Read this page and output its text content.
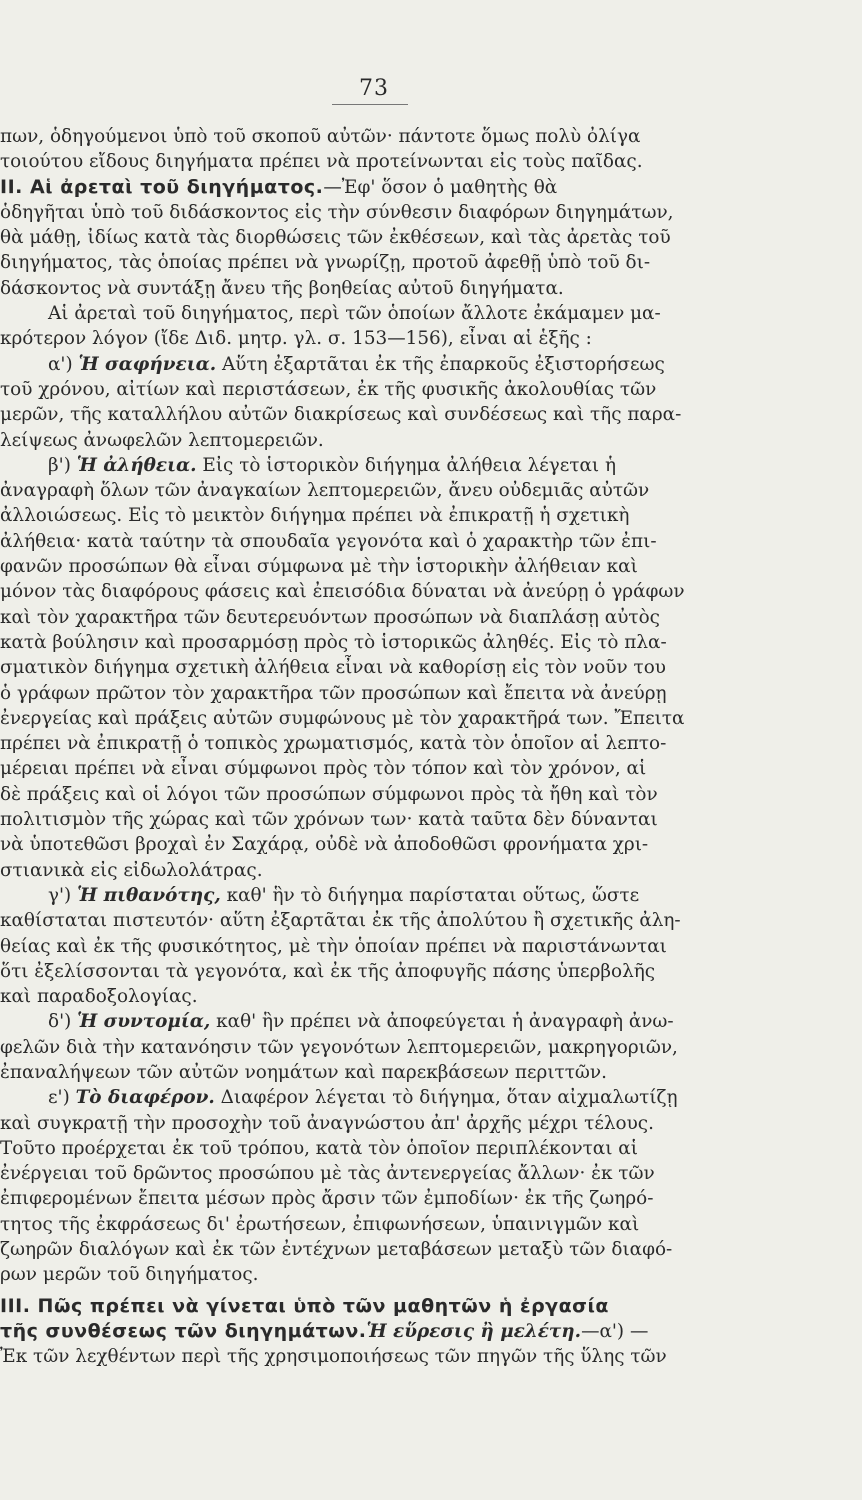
73
πων, ὁδηγούμενοι ὑπὸ τοῦ σκοποῦ αὐτῶν· πάντοτε ὅμως πολὺ ὀλίγα
τοιούτου εἴδους διηγήματα πρέπει νὰ προτείνωνται εἰς τοὺς παῖδας.
ΙΙ. Αἱ ἀρεταὶ τοῦ διηγήματος.—Ἐφ' ὅσον ὁ μαθητὴς θὰ
ὁδηγῆται ὑπὸ τοῦ διδάσκοντος εἰς τὴν σύνθεσιν διαφόρων διηγημάτων,
θὰ μάθῃ, ἰδίως κατὰ τὰς διορθώσεις τῶν ἐκθέσεων, καὶ τὰς ἀρετὰς τοῦ
διηγήματος, τὰς ὁποίας πρέπει νὰ γνωρίζῃ, προτοῦ ἀφεθῇ ὑπὸ τοῦ δι-
δάσκοντος νὰ συντάξῃ ἄνευ τῆς βοηθείας αὐτοῦ διηγήματα.
Αἱ ἀρεταὶ τοῦ διηγήματος, περὶ τῶν ὁποίων ἄλλοτε ἐκάμαμεν μα-
κρότερον λόγον (ἴδε Διδ. μητρ. γλ. σ. 153—156), εἶναι αἱ ἑξῆς :
α') Ἡ σαφήνεια. Αὕτη ἐξαρτᾶται ἐκ τῆς ἐπαρκοῦς ἐξιστορήσεως
τοῦ χρόνου, αἰτίων καὶ περιστάσεων, ἐκ τῆς φυσικῆς ἀκολουθίας τῶν
μερῶν, τῆς καταλλήλου αὐτῶν διακρίσεως καὶ συνδέσεως καὶ τῆς παρα-
λείψεως ἀνωφελῶν λεπτομερειῶν.
β') Ἡ ἀλήθεια. Εἰς τὸ ἱστορικὸν διήγημα ἀλήθεια λέγεται ἡ
ἀναγραφὴ ὅλων τῶν ἀναγκαίων λεπτομερειῶν, ἄνευ οὐδεμιᾶς αὐτῶν
ἀλλοιώσεως. Εἰς τὸ μεικτὸν διήγημα πρέπει νὰ ἐπικρατῇ ἡ σχετικὴ
ἀλήθεια· κατὰ ταύτην τὰ σπουδαῖα γεγονότα καὶ ὁ χαρακτὴρ τῶν ἐπι-
φανῶν προσώπων θὰ εἶναι σύμφωνα μὲ τὴν ἱστορικὴν ἀλήθειαν καὶ
μόνον τὰς διαφόρους φάσεις καὶ ἐπεισόδια δύναται νὰ ἀνεύρῃ ὁ γράφων
καὶ τὸν χαρακτῆρα τῶν δευτερευόντων προσώπων νὰ διαπλάσῃ αὐτὸς
κατὰ βούλησιν καὶ προσαρμόσῃ πρὸς τὸ ἱστορικῶς ἀληθές. Εἰς τὸ πλα-
σματικὸν διήγημα σχετικὴ ἀλήθεια εἶναι νὰ καθορίσῃ εἰς τὸν νοῦν του
ὁ γράφων πρῶτον τὸν χαρακτῆρα τῶν προσώπων καὶ ἔπειτα νὰ ἀνεύρῃ
ἐνεργείας καὶ πράξεις αὐτῶν συμφώνους μὲ τὸν χαρακτῆρά των. Ἔπειτα
πρέπει νὰ ἐπικρατῇ ὁ τοπικὸς χρωματισμός, κατὰ τὸν ὁποῖον αἱ λεπτο-
μέρειαι πρέπει νὰ εἶναι σύμφωνοι πρὸς τὸν τόπον καὶ τὸν χρόνον, αἱ
δὲ πράξεις καὶ οἱ λόγοι τῶν προσώπων σύμφωνοι πρὸς τὰ ἤθη καὶ τὸν
πολιτισμὸν τῆς χώρας καὶ τῶν χρόνων των· κατὰ ταῦτα δὲν δύνανται
νὰ ὑποτεθῶσι βροχαὶ ἐν Σαχάρᾳ, οὐδὲ νὰ ἀποδοθῶσι φρονήματα χρι-
στιανικὰ εἰς εἰδωλολάτρας.
γ') Ἡ πιθανότης, καθ' ἣν τὸ διήγημα παρίσταται οὕτως, ὥστε
καθίσταται πιστευτόν· αὕτη ἐξαρτᾶται ἐκ τῆς ἀπολύτου ἢ σχετικῆς ἀλη-
θείας καὶ ἐκ τῆς φυσικότητος, μὲ τὴν ὁποίαν πρέπει νὰ παριστάνωνται
ὅτι ἐξελίσσονται τὰ γεγονότα, καὶ ἐκ τῆς ἀποφυγῆς πάσης ὑπερβολῆς
καὶ παραδοξολογίας.
δ') Ἡ συντομία, καθ' ἣν πρέπει νὰ ἀποφεύγεται ἡ ἀναγραφὴ ἀνω-
φελῶν διὰ τὴν κατανόησιν τῶν γεγονότων λεπτομερειῶν, μακρηγοριῶν,
ἐπαναλήψεων τῶν αὐτῶν νοημάτων καὶ παρεκβάσεων περιττῶν.
ε') Τὸ διαφέρον. Διαφέρον λέγεται τὸ διήγημα, ὅταν αἰχμαλωτίζῃ
καὶ συγκρατῇ τὴν προσοχὴν τοῦ ἀναγνώστου ἀπ' ἀρχῆς μέχρι τέλους.
Τοῦτο προέρχεται ἐκ τοῦ τρόπου, κατὰ τὸν ὁποῖον περιπλέκονται αἱ
ἐνέργειαι τοῦ δρῶντος προσώπου μὲ τὰς ἀντενεργείας ἄλλων· ἐκ τῶν
ἐπιφερομένων ἔπειτα μέσων πρὸς ἄρσιν τῶν ἐμποδίων· ἐκ τῆς ζωηρό-
τητος τῆς ἐκφράσεως δι' ἐρωτήσεων, ἐπιφωνήσεων, ὑπαινιγμῶν καὶ
ζωηρῶν διαλόγων καὶ ἐκ τῶν ἐντέχνων μεταβάσεων μεταξὺ τῶν διαφό-
ρων μερῶν τοῦ διηγήματος.
ΙΙΙ. Πῶς πρέπει νὰ γίνεται ὑπὸ τῶν μαθητῶν ἡ ἐργασία
τῆς συνθέσεως τῶν διηγημάτων.Ἡ εὕρεσις ἢ μελέτη.—α') —
Ἐκ τῶν λεχθέντων περὶ τῆς χρησιμοποιήσεως τῶν πηγῶν τῆς ὕλης τῶν
